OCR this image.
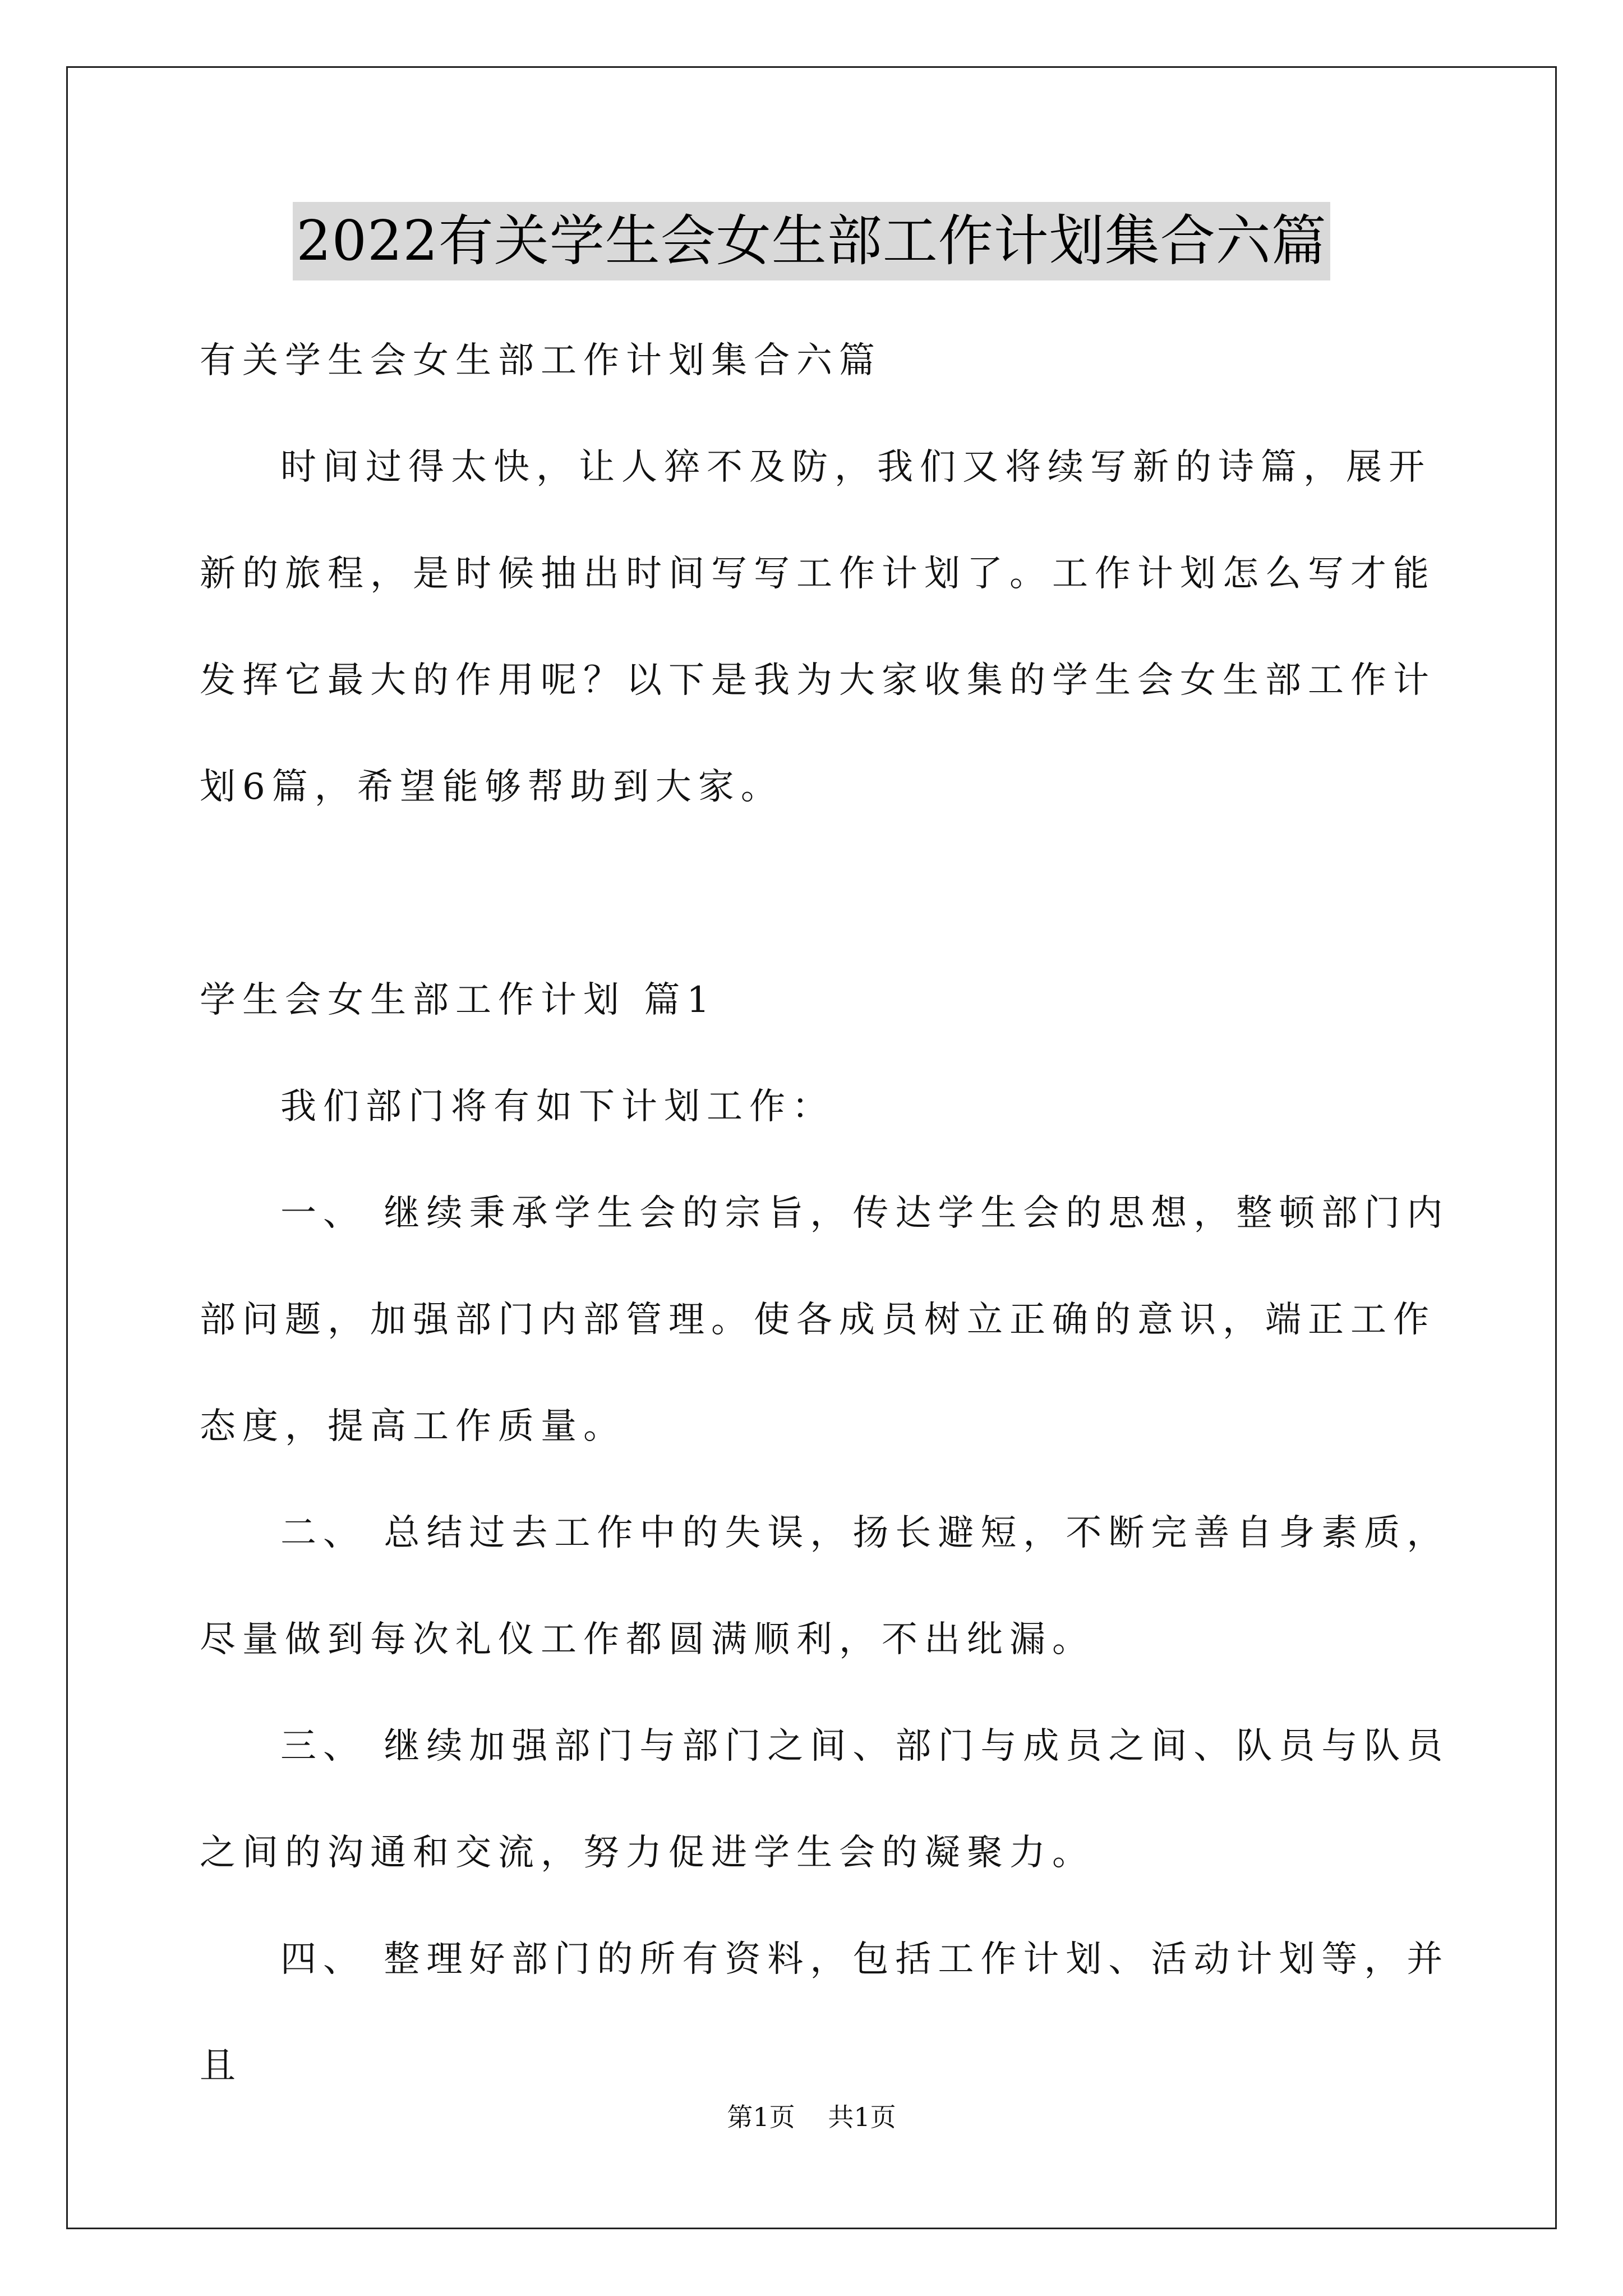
2022有关学生会女生部工作计划集合六篇

有关学生会女生部工作计划集合六篇

时间过得太快，让人猝不及防，我们又将续写新的诗篇，展开新的旅程，是时候抽出时间写写工作计划了。工作计划怎么写才能发挥它最大的作用呢？以下是我为大家收集的学生会女生部工作计划6篇，希望能够帮助到大家。

学生会女生部工作计划 篇1

我们部门将有如下计划工作：

一、 继续秉承学生会的宗旨，传达学生会的思想，整顿部门内部问题，加强部门内部管理。使各成员树立正确的意识，端正工作态度，提高工作质量。

二、 总结过去工作中的失误，扬长避短，不断完善自身素质，尽量做到每次礼仪工作都圆满顺利，不出纰漏。

三、 继续加强部门与部门之间、部门与成员之间、队员与队员之间的沟通和交流，努力促进学生会的凝聚力。

四、 整理好部门的所有资料，包括工作计划、活动计划等，并且

第1页 共1页
